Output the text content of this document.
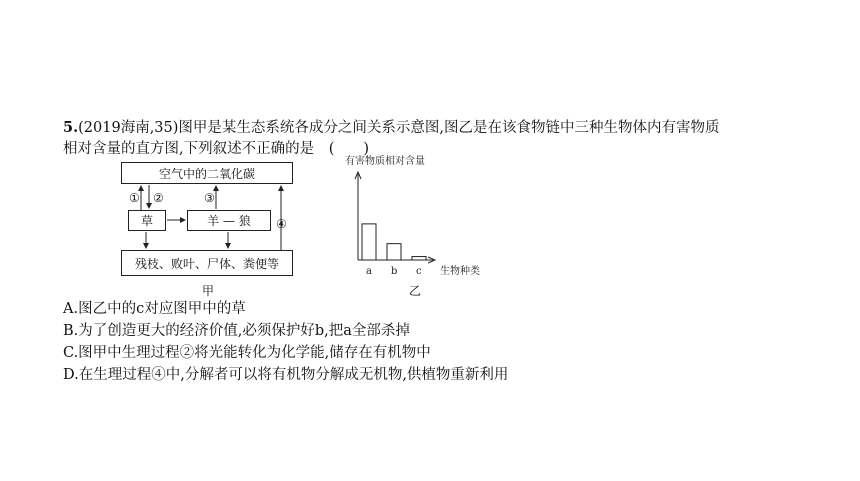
5.(2019海南,35)图甲是某生态系统各成分之间关系示意图,图乙是在该食物链中三种生物体内有害物质
相对含量的直方图,下列叙述不正确的是 (　　)
空气中的二氧化碳
草	羊 — 狼
残枝、败叶、尸体、粪便等
① ②	③
④
甲
有害物质相对含量
a b c 生物种类
乙
A.图乙中的c对应图甲中的草
B.为了创造更大的经济价值,必须保护好b,把a全部杀掉
C.图甲中生理过程②将光能转化为化学能,储存在有机物中
D.在生理过程④中,分解者可以将有机物分解成无机物,供植物重新利用
